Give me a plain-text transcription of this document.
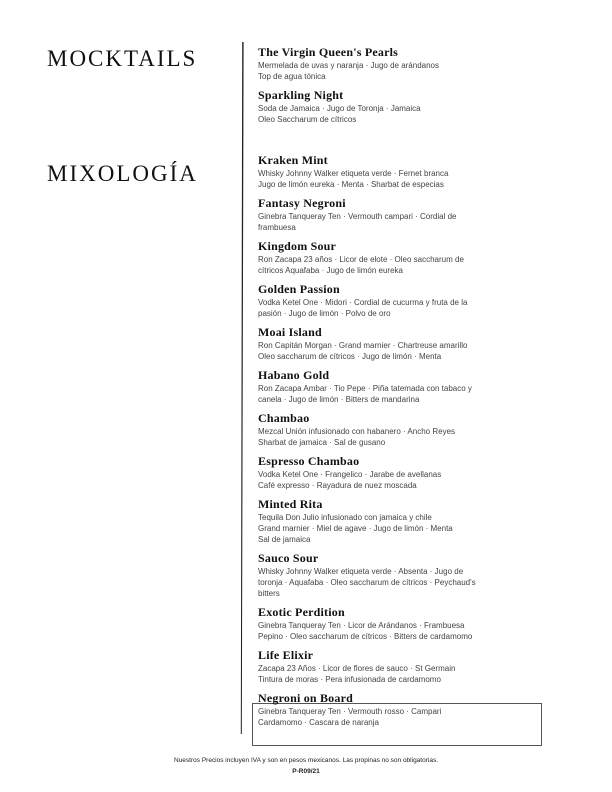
MOCKTAILS
MIXOLOGÍA
The Virgin Queen's Pearls
Mermelada de uvas y naranja · Jugo de arándanos
Top de agua tónica
Sparkling Night
Soda de Jamaica · Jugo de Toronja · Jamaica
Oleo Saccharum de cítricos
Kraken Mint
Whisky Johnny Walker etiqueta verde · Fernet branca
Jugo de limón eureka · Menta · Sharbat de especias
Fantasy Negroni
Ginebra Tanqueray Ten · Vermouth campari · Cordial de
frambuesa
Kingdom Sour
Ron Zacapa 23 años · Licor de elote · Oleo saccharum de
cítricos Aquafaba · Jugo de limón eureka
Golden Passion
Vodka Ketel One · Midori · Cordial de cucurma y fruta de la
pasión · Jugo de limón · Polvo de oro
Moai Island
Ron Capitán Morgan · Grand marnier · Chartreuse amarillo
Oleo saccharum de cítricos · Jugo de limón · Menta
Habano Gold
Ron Zacapa Ambar · Tio Pepe · Piña tatemada con tabaco y
canela · Jugo de limón · Bitters de mandarina
Chambao
Mezcal Unión infusionado con habanero · Ancho Reyes
Sharbat de jamaica · Sal de gusano
Espresso Chambao
Vodka Ketel One · Frangelico · Jarabe de avellanas
Café expresso · Rayadura de nuez moscada
Minted Rita
Tequila Don Julio infusionado con jamaica y chile
Grand marnier · Miel de agave · Jugo de limón · Menta
Sal de jamaica
Sauco Sour
Whisky Johnny Walker etiqueta verde · Absenta · Jugo de
toronja · Aquafaba · Oleo saccharum de cítricos · Peychaud's
bitters
Exotic Perdition
Ginebra Tanqueray Ten · Licor de Arándanos · Frambuesa
Pepino · Oleo saccharum de cítricos · Bitters de cardamomo
Life Elixir
Zacapa 23 Años · Licor de flores de sauco · St Germain
Tintura de moras · Pera infusionada de cardamomo
Negroni on Board
Ginebra Tanqueray Ten · Vermouth rosso · Campari
Cardamomo · Cascara de naranja
Nuestros Precios incluyen IVA y son en pesos mexicanos. Las propinas no son obligatorias.
P-R09/21
